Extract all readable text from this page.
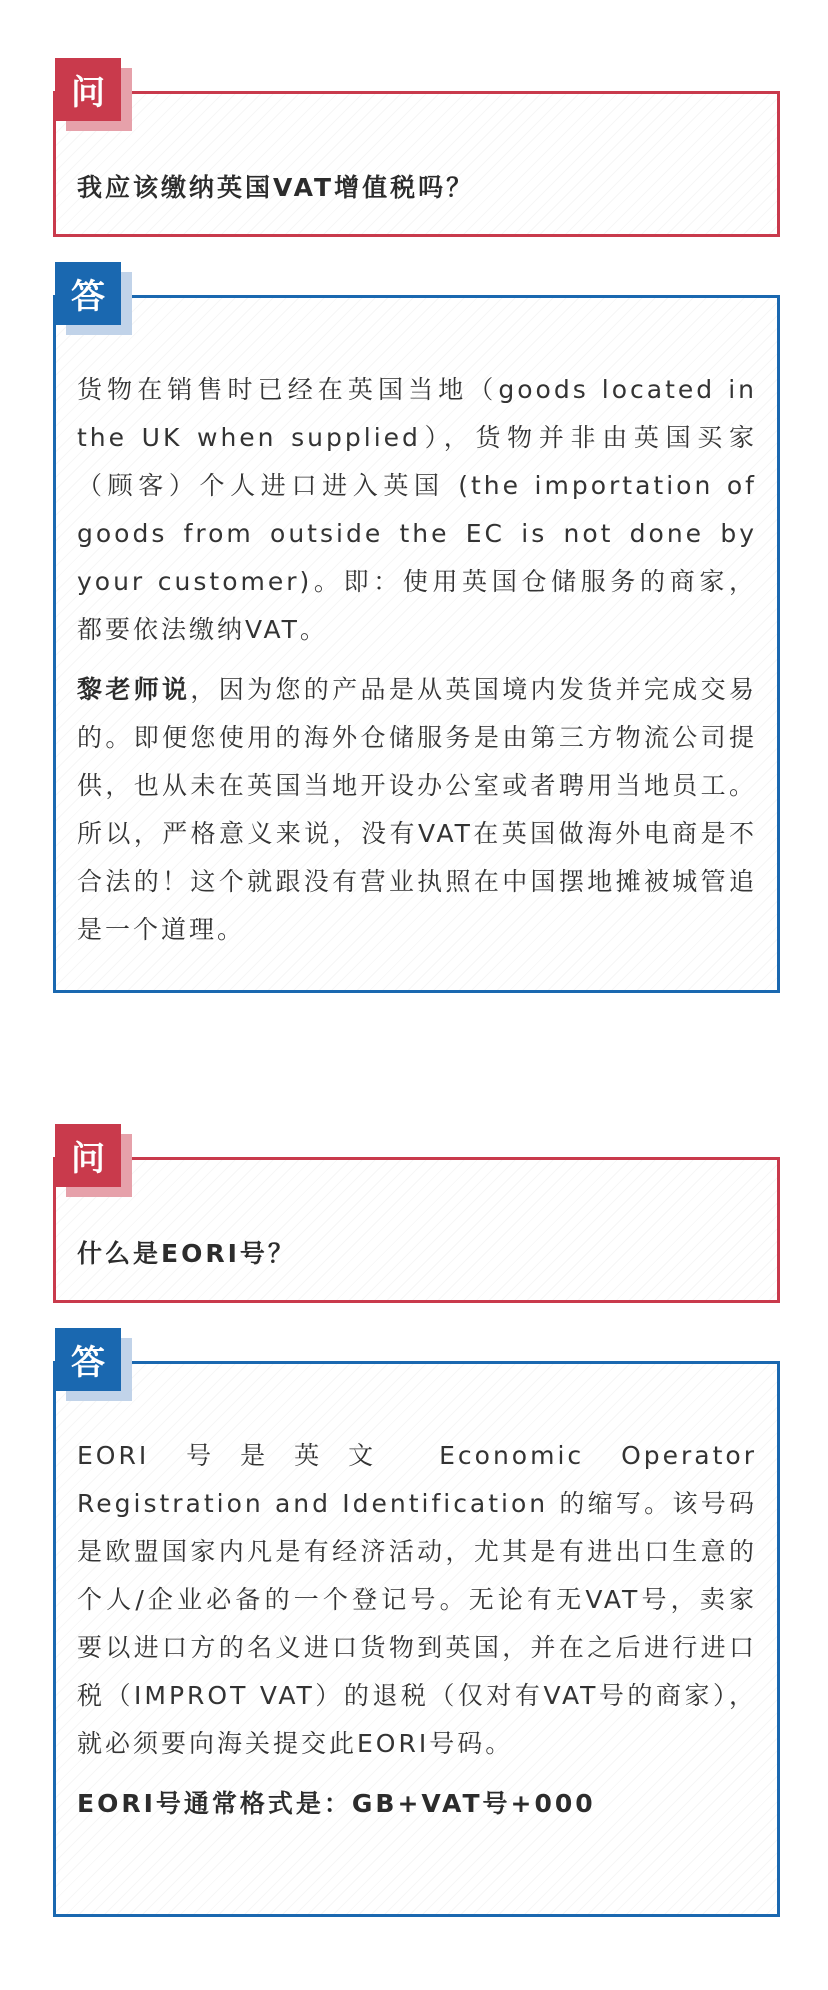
问
我应该缴纳英国VAT增值税吗？
答

货物在销售时已经在英国当地（goods located in the UK when supplied），货物并非由英国买家（顾客）个人进口进入英国 (the importation of goods from outside the EC is not done by your customer)。即：使用英国仓储服务的商家，都要依法缴纳VAT。

黎老师说，因为您的产品是从英国境内发货并完成交易的。即便您使用的海外仓储服务是由第三方物流公司提供，也从未在英国当地开设办公室或者聘用当地员工。所以，严格意义来说，没有VAT在英国做海外电商是不合法的！这个就跟没有营业执照在中国摆地摊被城管追是一个道理。

问
什么是EORI号？
答

EORI 号是英文 Economic Operator Registration and Identification 的缩写。该号码是欧盟国家内凡是有经济活动，尤其是有进出口生意的个人/企业必备的一个登记号。无论有无VAT号，卖家要以进口方的名义进口货物到英国，并在之后进行进口税（IMPROT VAT）的退税（仅对有VAT号的商家），就必须要向海关提交此EORI号码。

EORI号通常格式是：GB+VAT号+000
